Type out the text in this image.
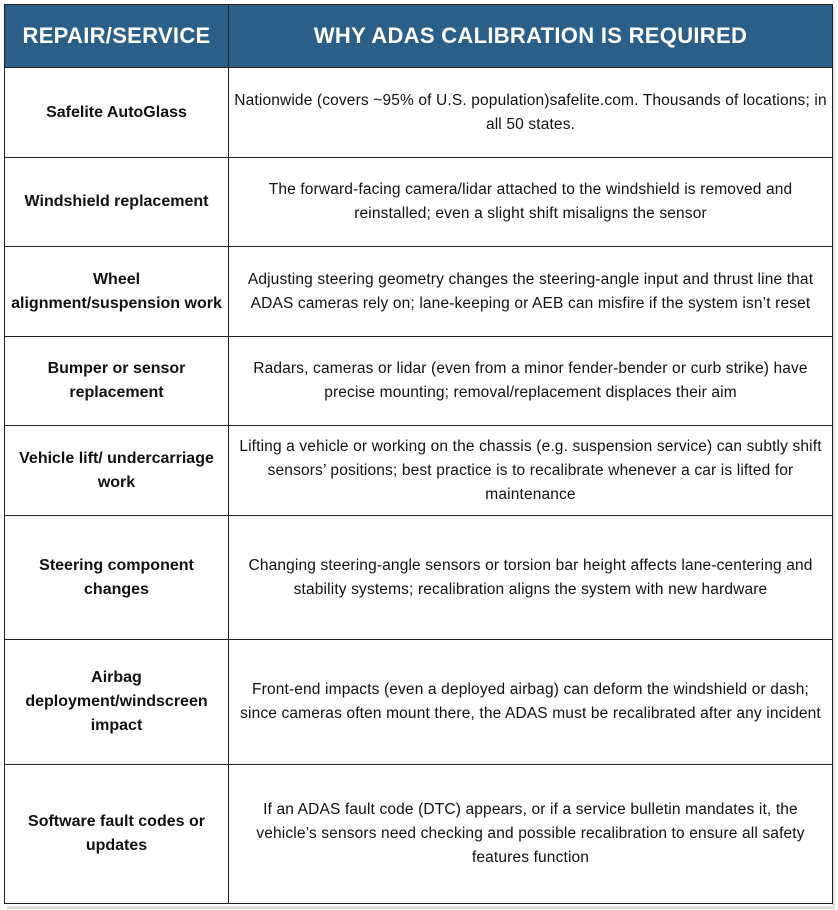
REPAIR/SERVICE	WHY ADAS CALIBRATION IS REQUIRED
Safelite AutoGlass	Nationwide (covers ~95% of U.S. population)safelite.com. Thousands of locations; in all 50 states.
Windshield replacement	The forward-facing camera/lidar attached to the windshield is removed and reinstalled; even a slight shift misaligns the sensor
Wheel alignment/suspension work	Adjusting steering geometry changes the steering-angle input and thrust line that ADAS cameras rely on; lane-keeping or AEB can misfire if the system isn’t reset
Bumper or sensor replacement	Radars, cameras or lidar (even from a minor fender-bender or curb strike) have precise mounting; removal/replacement displaces their aim
Vehicle lift/ undercarriage work	Lifting a vehicle or working on the chassis (e.g. suspension service) can subtly shift sensors’ positions; best practice is to recalibrate whenever a car is lifted for maintenance
Steering component changes	Changing steering-angle sensors or torsion bar height affects lane-centering and stability systems; recalibration aligns the system with new hardware
Airbag deployment/windscreen impact	Front-end impacts (even a deployed airbag) can deform the windshield or dash; since cameras often mount there, the ADAS must be recalibrated after any incident
Software fault codes or updates	If an ADAS fault code (DTC) appears, or if a service bulletin mandates it, the vehicle’s sensors need checking and possible recalibration to ensure all safety features function
